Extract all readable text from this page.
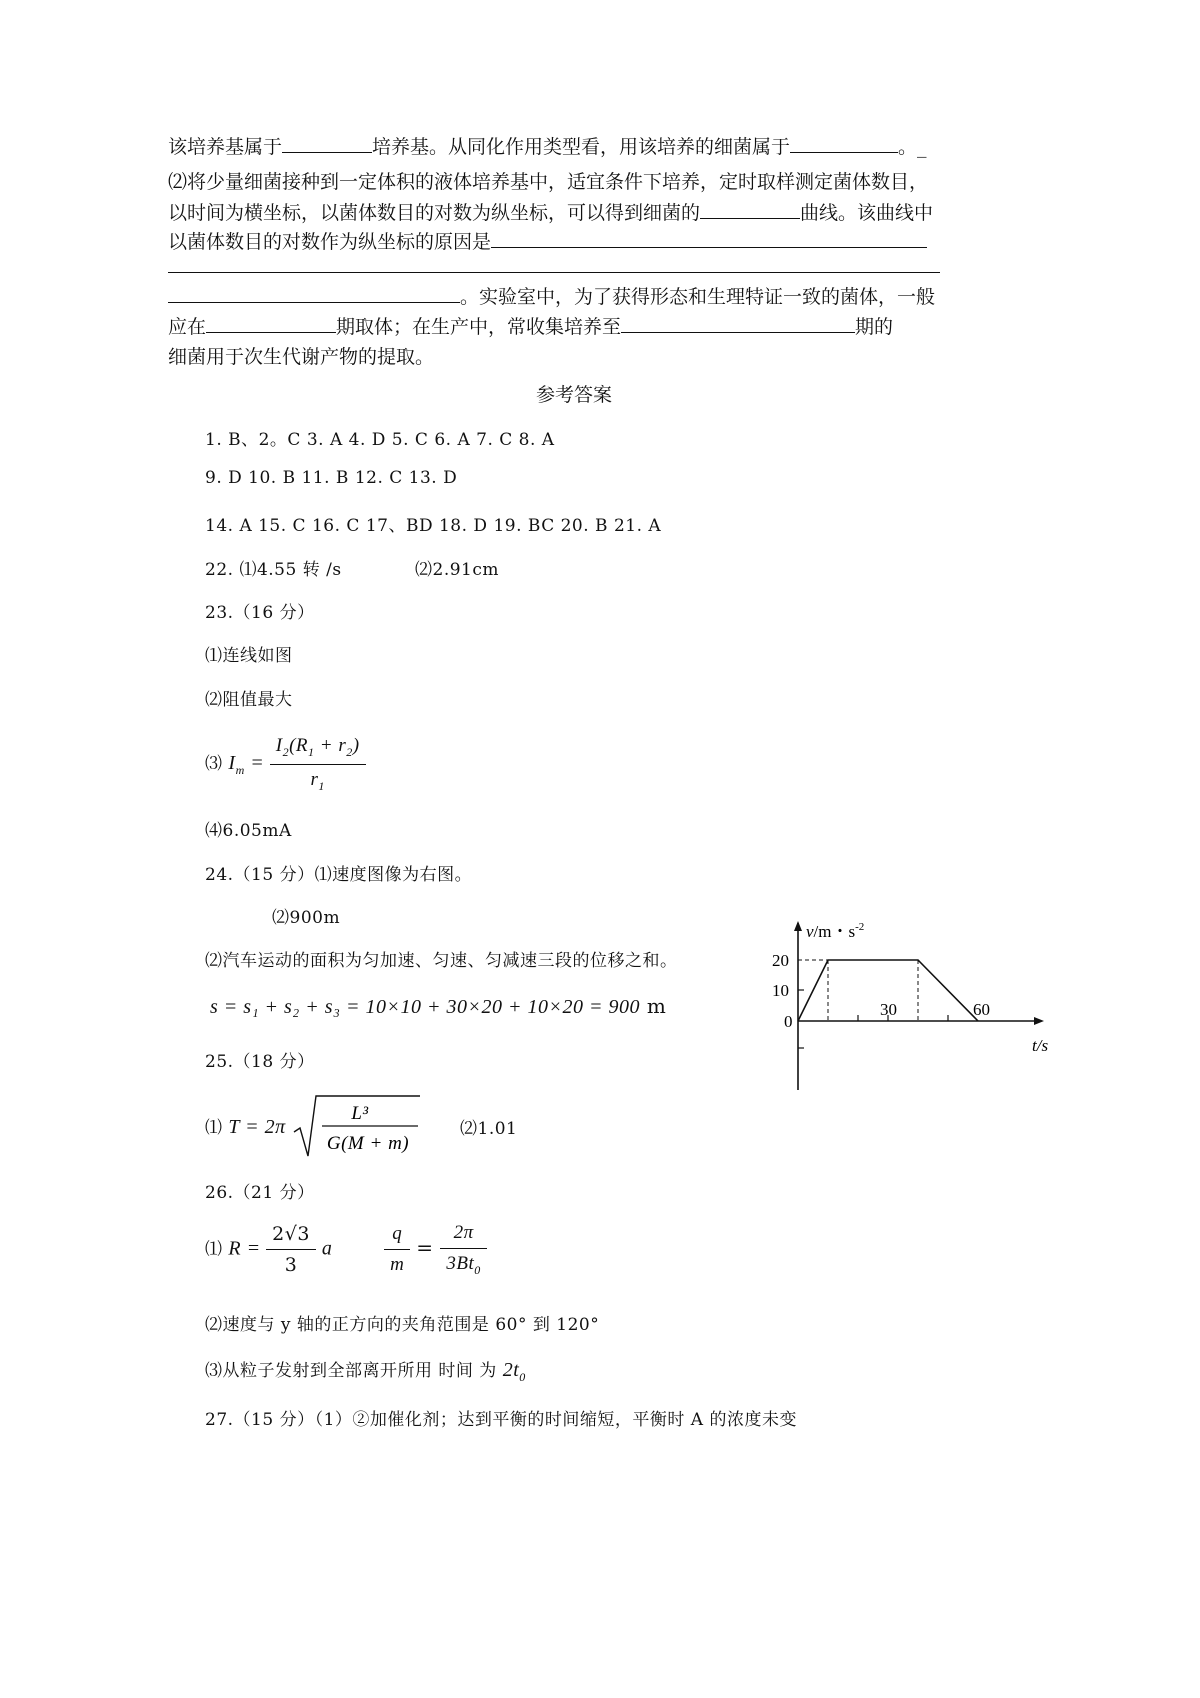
该培养基属于	培养基。从同化作用类型看，用该培养的细菌属于	。_
⑵将少量细菌接种到一定体积的液体培养基中，适宜条件下培养，定时取样测定菌体数目，
以时间为横坐标，以菌体数目的对数为纵坐标，可以得到细菌的	曲线。该曲线中
以菌体数目的对数作为纵坐标的原因是
。实验室中，为了获得形态和生理特证一致的菌体，一般
应在	期取体；在生产中，常收集培养至	期的
细菌用于次生代谢产物的提取。
参考答案
1. B、2。C 3. A 4. D 5. C 6. A 7. C 8. A
9. D 10. B 11. B 12. C 13. D
14. A 15. C 16. C 17、BD 18. D 19. BC 20. B 21. A
22. ⑴4.55 转 /s	⑵2.91cm
23.（16 分）
⑴连线如图
⑵阻值最大
⑶ $I_m = \frac{I_2(R_1 + r_2)}{r_1}$
⑷6.05mA
24.（15 分）⑴速度图像为右图。
⑵900m
⑵汽车运动的面积为匀加速、匀速、匀减速三段的位移之和。
s = s₁ + s₂ + s₃ = 10×10 + 30×20 + 10×20 = 900 m
25.（18 分）
⑴ T = 2π
L³
G(M + m)
⑵1.01
26.（21 分）
⑴ $R = \frac{2√3}{3}$ a	$\frac{q}{m} = \frac{2\pi}{3Bt_0}$
⑵速度与 y 轴的正方向的夹角范围是 60° 到 120°
⑶从粒子发射到全部离开所用 时间 为 $2t_0$
27.（15 分）（1）②加催化剂；达到平衡的时间缩短，平衡时 A 的浓度未变
v/m・$s^{-2}$
20
10
0
30	60
t/s
